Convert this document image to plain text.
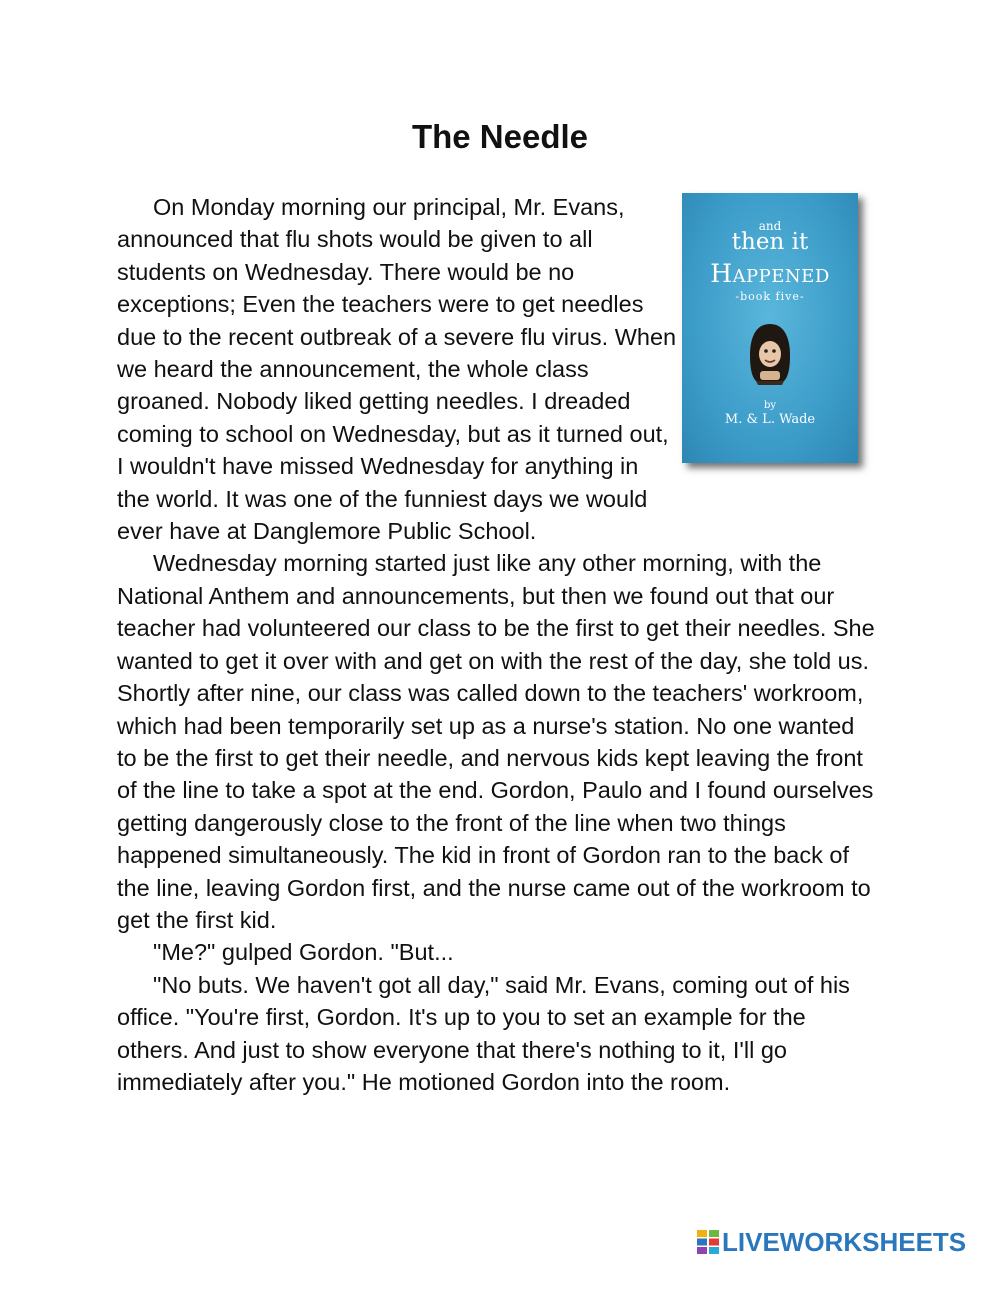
The Needle

On Monday morning our principal, Mr. Evans, announced that flu shots would be given to all students on Wednesday. There would be no exceptions; Even the teachers were to get needles due to the recent outbreak of a severe flu virus. When we heard the announcement, the whole class groaned. Nobody liked getting needles. I dreaded coming to school on Wednesday, but as it turned out, I wouldn't have missed Wednesday for anything in the world. It was one of the funniest days we would ever have at Danglemore Public School.

Wednesday morning started just like any other morning, with the National Anthem and announcements, but then we found out that our teacher had volunteered our class to be the first to get their needles. She wanted to get it over with and get on with the rest of the day, she told us. Shortly after nine, our class was called down to the teachers' workroom, which had been temporarily set up as a nurse's station. No one wanted to be the first to get their needle, and nervous kids kept leaving the front of the line to take a spot at the end. Gordon, Paulo and I found ourselves getting dangerously close to the front of the line when two things happened simultaneously. The kid in front of Gordon ran to the back of the line, leaving Gordon first, and the nurse came out of the workroom to get the first kid.

"Me?" gulped Gordon. "But...

"No buts. We haven't got all day," said Mr. Evans, coming out of his office. "You're first, Gordon. It's up to you to set an example for the others. And just to show everyone that there's nothing to it, I'll go immediately after you." He motioned Gordon into the room.

and
then it
HAPPENED
-book five-
by
M. & L. Wade
LIVEWORKSHEETS
